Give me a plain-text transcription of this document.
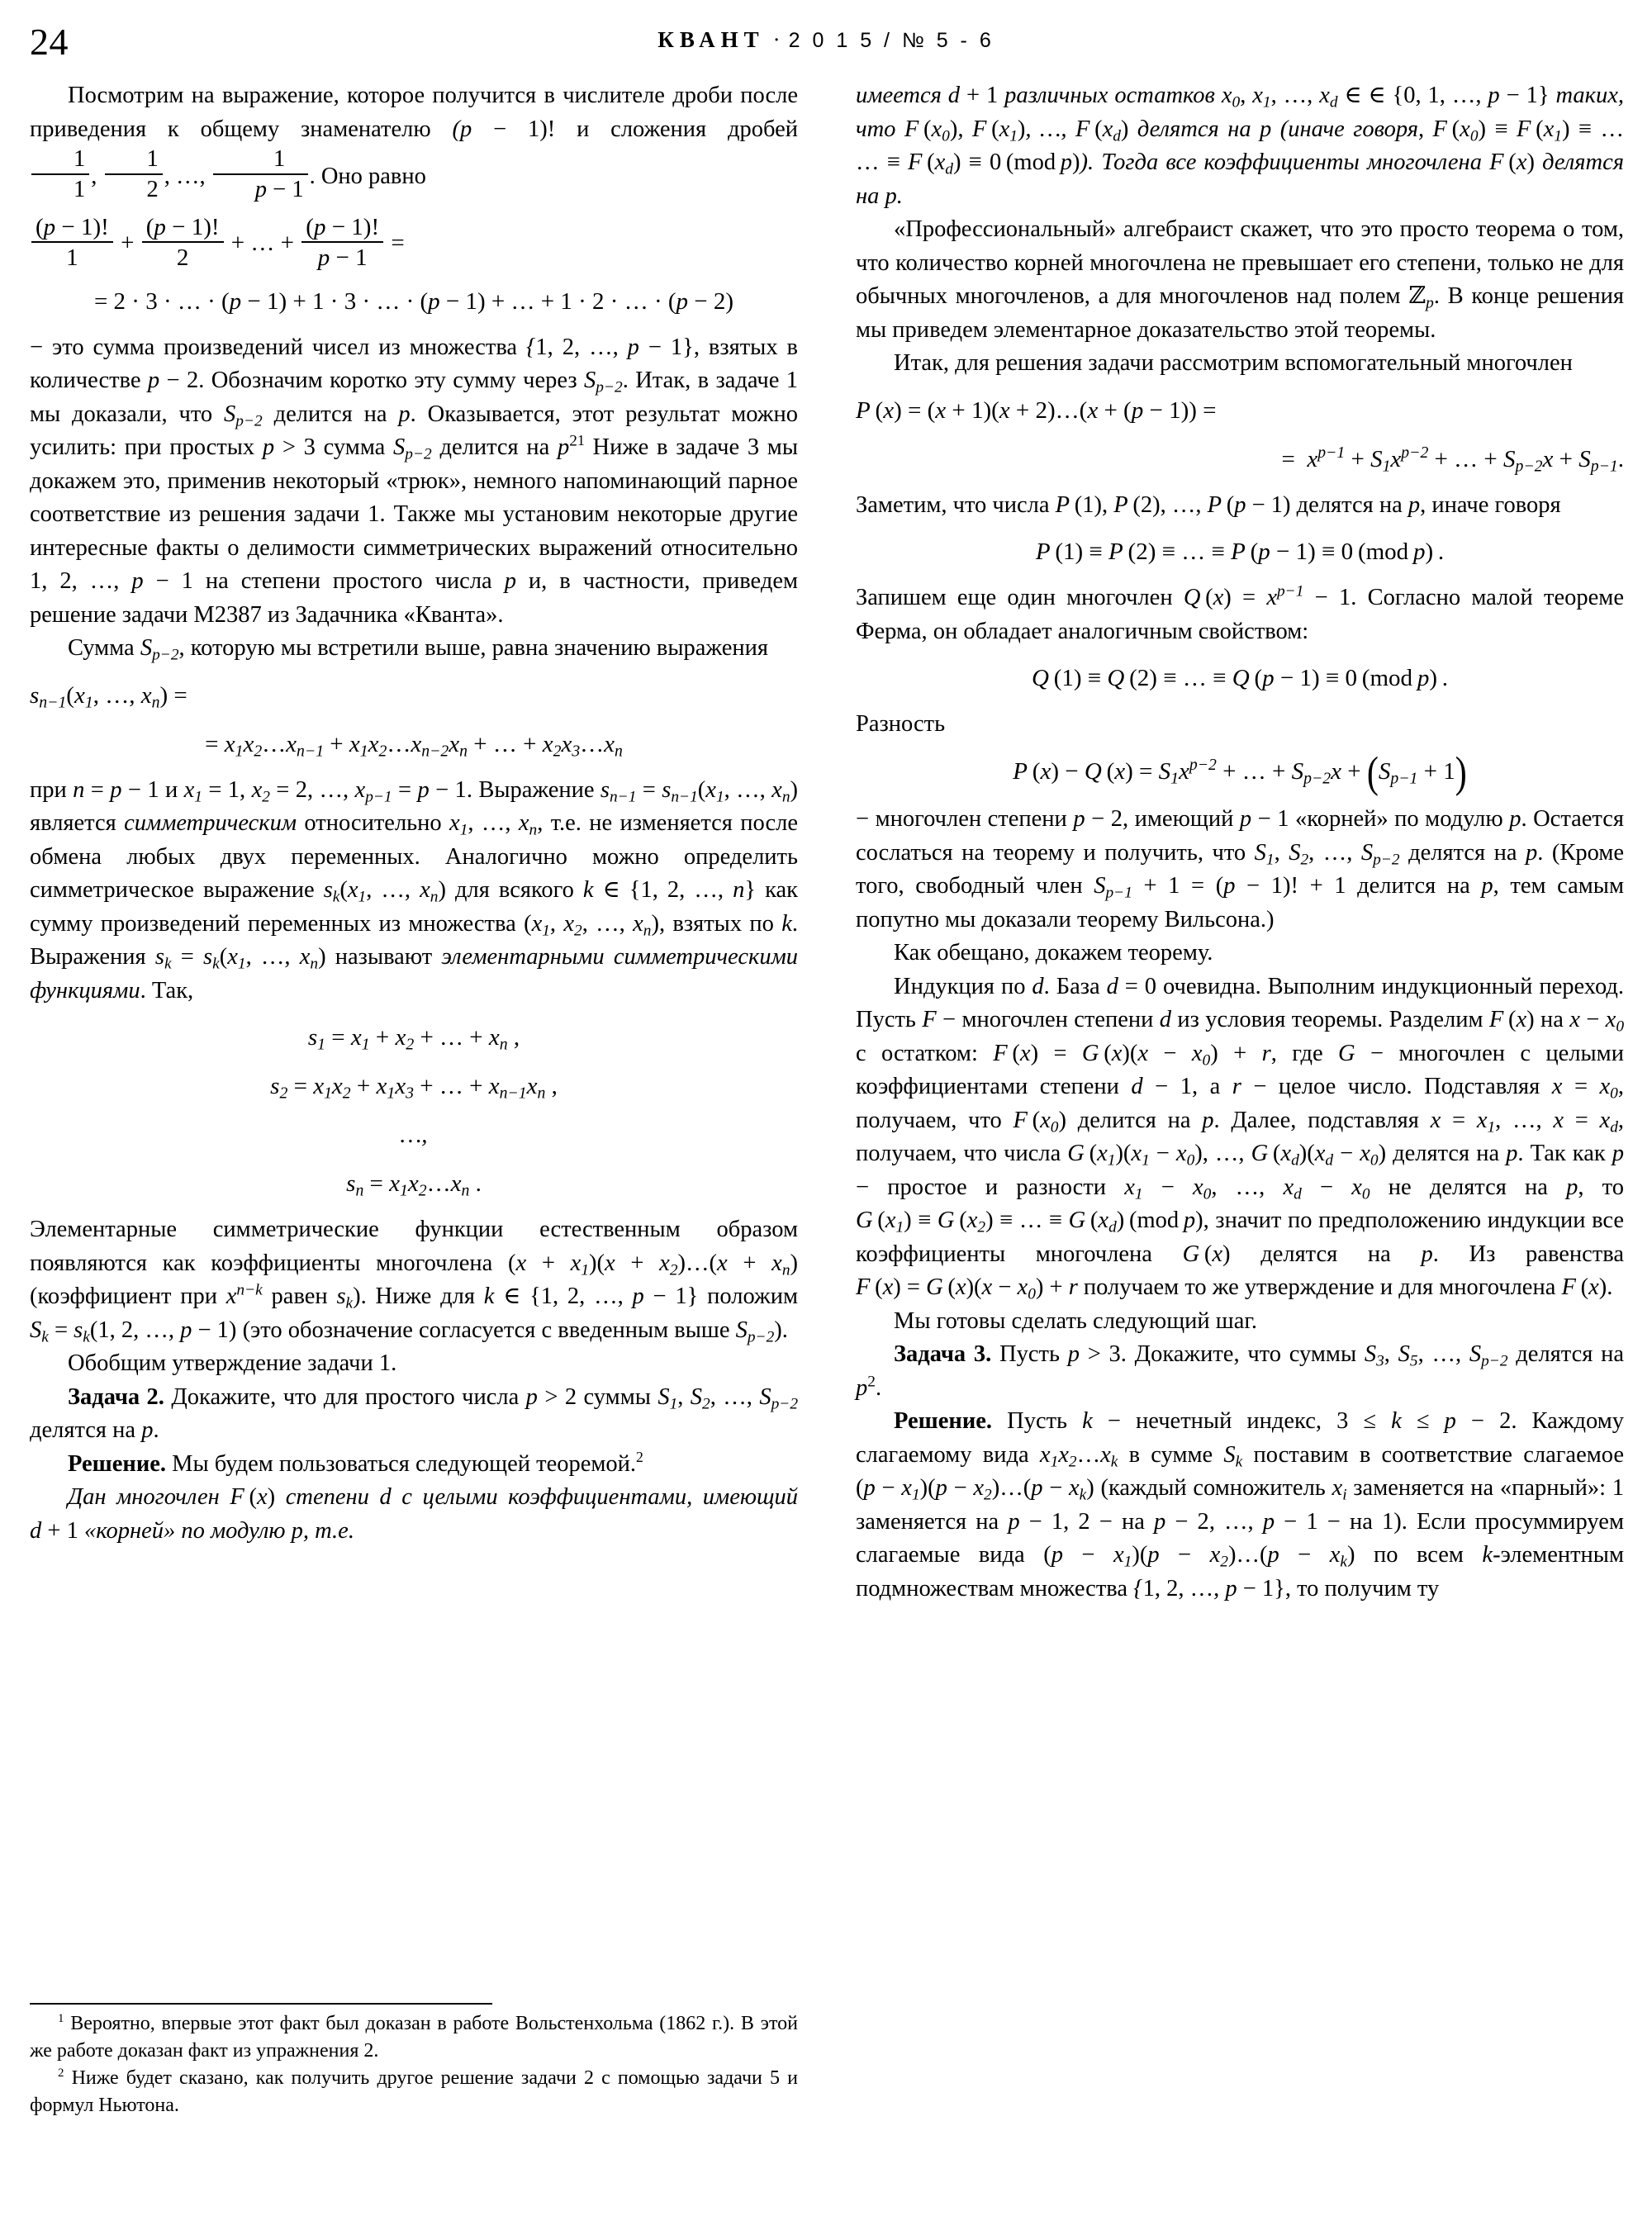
24	КВАНТ · 2 0 1 5 / № 5 - 6

Посмотрим на выражение, которое получится в числителе дроби после приведения к общему знаменателю (p − 1)! и сложения дробей
$\frac{1}{1}$ , $\frac{1}{2}$ , …, $\frac{1}{p - 1}$ . Оно равно

$\frac{(p - 1)!}{1} + \frac{(p - 1)!}{2}$ + … + $\frac{(p - 1)!}{p - 1}$ =

= 2 · 3 · … · (p − 1) + 1 · 3 · … · (p − 1) + … + 1 · 2 · … · (p − 2)

− это сумма произведений чисел из множества {1, 2, …, p − 1}, взятых в количестве p − 2. Обозначим коротко эту сумму через $S_{p-2}$. Итак, в задаче 1 мы доказали, что $S_{p-2}$ делится на p. Оказывается, этот результат можно усилить: при простых p > 3 сумма $S_{p-2}$ делится на p$^{21}$ Ниже в задаче 3 мы докажем это, применив некоторый «трюк», немного напоминающий парное соответствие из решения задачи 1. Также мы установим некоторые другие интересные факты о делимости симметрических выражений относительно 1, 2, …, p − 1 на степени простого числа p и, в частности, приведем решение задачи М2387 из Задачника «Кванта».

Сумма $S_{p-2}$, которую мы встретили выше, равна значению выражения

$s_{n-1}(x_1$, …, $x_n$) =

= $x_1x_2\dots x_{n-1}$ + $x_1x_2\dots x_{n-2}x_n$ + … + $x_2x_3\dots x_n$

при n = p − 1 и $x_1 = 1$, $x_2 = 2$, …, $x_{p-1} = p - 1$. Выражение $s_{n-1} = s_{n-1}(x_1$, …, $x_n$) является симметрическим относительно $x_1$, …, $x_n$, т.е. не изменяется после обмена любых двух переменных. Аналогично можно определить симметрическое выражение $s_k(x_1$, …, $x_n$) для всякого k ∈ {1, 2, …, n} как сумму произведений переменных из множества ($x_1$, $x_2$, …, $x_n$), взятых по k. Выражения $s_k = s_k(x_1$, …, $x_n$) называют элементарными симметрическими функциями. Так,

$s_1 = x_1 + x_2$ + … + $x_n$ ,

$s_2 = x_1x_2 + x_1x_3$ + … + $x_{n-1}x_n$ ,

…,

$s_n$ = $x_1x_2\dots x_n$ .

Элементарные симметрические функции естественным образом появляются как коэффициенты многочлена $(x + x_1)(x$ + $x_2)\dots(x + x_n)$ (коэффициент при $x^{n-k}$ равен $s_k$). Ниже для k ∈ {1, 2, …, p − 1} положим $S_k = s_k(1$, 2, …, p − 1) (это обозначение согласуется с введенным выше $S_{p-2}$).

Обобщим утверждение задачи 1.

Задача 2. Докажите, что для простого числа p > 2 суммы $S_1$, $S_2$, …, $S_{p-2}$ делятся на p.

Решение. Мы будем пользоваться следующей теоремой.$^2$

Дан многочлен F (x) степени d с целыми коэффициентами, имеющий d + 1 «корней» по модулю p, т.е.

имеется d + 1 различных остатков $x_0$, $x_1$, …, $x_d$ ∈ ∈ {0, 1, …, p − 1} таких, что F $(x_0)$, F $(x_1)$, …, F $(x_d)$ делятся на p (иначе говоря, F $(x_0) \equiv F$ $(x_1)$ ≡ … … ≡ F $(x_d) \equiv 0$ (mod p)). Тогда все коэффициенты многочлена F (x) делятся на p.

«Профессиональный» алгебраист скажет, что это просто теорема о том, что количество корней многочлена не превышает его степени, только не для обычных многочленов, а для многочленов над полем ℤ$_p$. В конце решения мы приведем элементарное доказательство этой теоремы.

Итак, для решения задачи рассмотрим вспомогательный многочлен

P (x) = (x + 1)(x + 2)…(x + (p − 1)) =

=  $x^{p-1} + S_1x^{p-2}$ + … + $S_{p-2}x + S_{p-1}$.

Заметим, что числа P (1), P (2), …, P (p − 1) делятся на p, иначе говоря

P (1) ≡ P (2) ≡ … ≡ P (p − 1) ≡ 0 (mod p) .

Запишем еще один многочлен Q $(x) = x^{p-1} - 1$. Согласно малой теореме Ферма, он обладает аналогичным свойством:

Q (1) ≡ Q (2) ≡ … ≡ Q (p − 1) ≡ 0 (mod p) .

Разность

P (x) − Q $(x) = S_1x^{p-2}$ + … + $S_{p-2}x + (S_{p-1} + 1)$

− многочлен степени p − 2, имеющий p − 1 «корней» по модулю p. Остается сослаться на теорему и получить, что $S_1$, $S_2$, …, $S_{p-2}$ делятся на p. (Кроме того, свободный член $S_{p-1} + 1 = (p - 1)$! + 1 делится на p, тем самым попутно мы доказали теорему Вильсона.)

Как обещано, докажем теорему.

Индукция по d. База d = 0 очевидна. Выполним индукционный переход. Пусть F − многочлен степени d из условия теоремы. Разделим F (x) на $x - x_0$ с остатком: F (x) = G $(x)(x - x_0) + r$, где G − многочлен с целыми коэффициентами степени d − 1, а r − целое число. Подставляя $x = x_0$, получаем, что F $(x_0)$ делится на p. Далее, подставляя $x = x_1$, …, $x = x_d$, получаем, что числа G $(x_1)(x_1 - x_0)$, …, G $(x_d)(x_d - x_0)$ делятся на p. Так как p − простое и разности $x_1 - x_0$, …, $x_d - x_0$ не делятся на p, то G $(x_1) \equiv G$ $(x_2)$ ≡ … ≡ G $(x_d)$ (mod p), значит по предположению индукции все коэффициенты многочлена G (x) делятся на p. Из равенства F (x) = G $(x)(x - x_0) + r$ получаем то же утверждение и для многочлена F (x).

Мы готовы сделать следующий шаг.

Задача 3. Пусть p > 3. Докажите, что суммы $S_3$, $S_5$, …, $S_{p-2}$ делятся на $p^2$.

Решение. Пусть k − нечетный индекс, 3 ≤ k ≤ p − 2. Каждому слагаемому вида $x_1x_2\dots x_k$ в сумме $S_k$ поставим в соответствие слагаемое $(p - x_1)(p$ − $x_2)\dots(p - x_k)$ (каждый сомножитель $x_i$ заменяется на «парный»: 1 заменяется на p − 1, 2 − на p − 2, …, p − 1 − на 1). Если просуммируем слагаемые вида $(p - x_1)(p$ − $x_2)\dots(p - x_k)$ по всем k-элементным подмножествам множества {1, 2, …, p − 1}, то получим ту

$^1$ Вероятно, впервые этот факт был доказан в работе Вольстенхольма (1862 г.). В этой же работе доказан факт из упражнения 2.

$^2$ Ниже будет сказано, как получить другое решение задачи 2 с помощью задачи 5 и формул Ньютона.
